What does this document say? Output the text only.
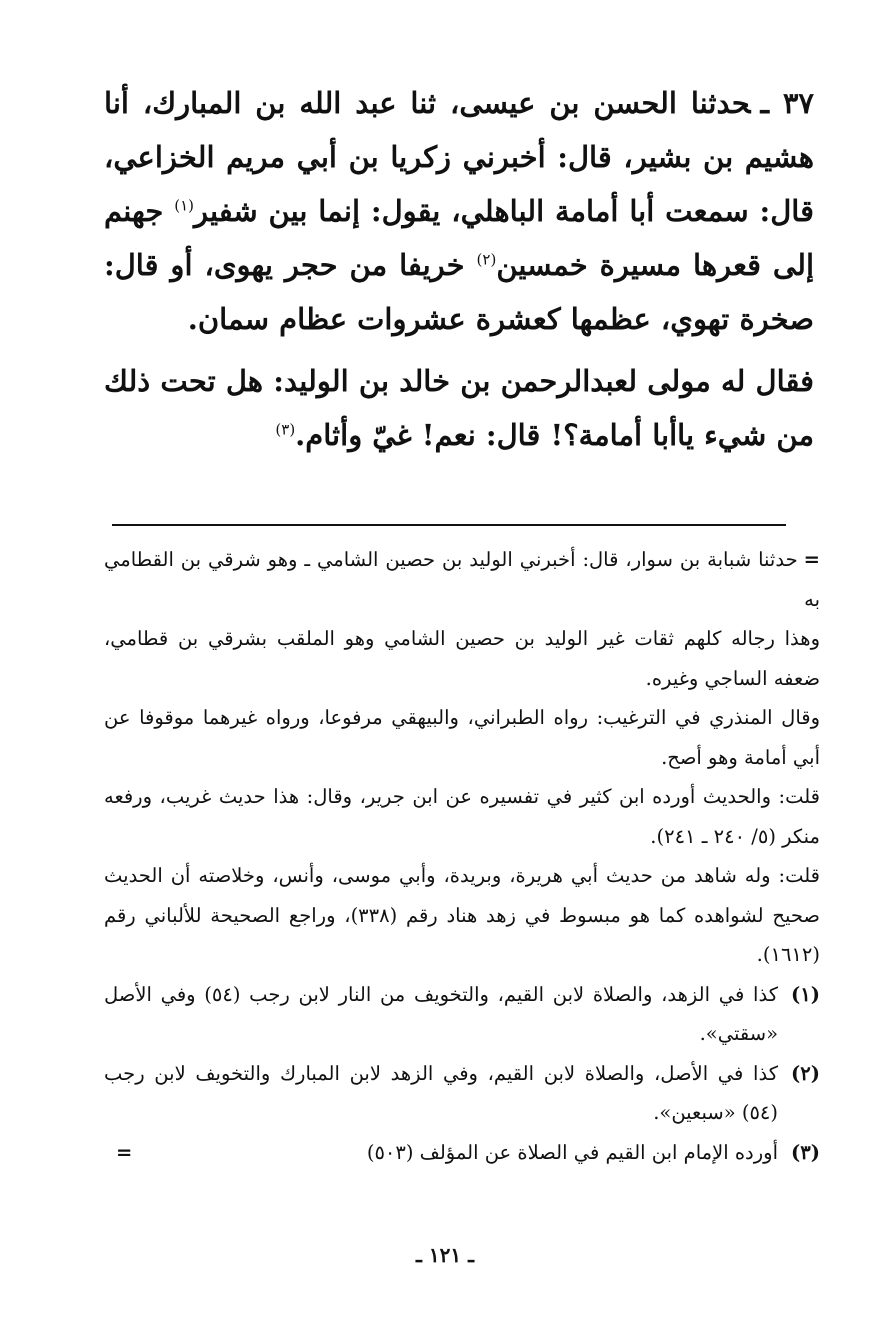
٣٧ ـحدثنا الحسن بن عيسى، ثنا عبد الله بن المبارك، أنا هشيم بن بشير، قال: أخبرني زكريا بن أبي مريم الخزاعي، قال: سمعت أبا أمامة الباهلي، يقول: إنما بين شفير$^{(١)}$ جهنم إلى قعرها مسيرة خمسين$^{(٢)}$ خريفا من حجر يهوى، أو قال: صخرة تهوي، عظمها كعشرة عشروات عظام سمان.

فقال له مولى لعبدالرحمن بن خالد بن الوليد: هل تحت ذلك من شيء ياأبا أمامة؟! قال: نعم! غيّ وأثام.$^{(٣)}$

=حدثنا شبابة بن سوار، قال: أخبرني الوليد بن حصين الشامي ـ وهو شرقي بن القطامي به

وهذا رجاله كلهم ثقات غير الوليد بن حصين الشامي وهو الملقب بشرقي بن قطامي، ضعفه الساجي وغيره.

وقال المنذري في الترغيب: رواه الطبراني، والبيهقي مرفوعا، ورواه غيرهما موقوفا عن أبي أمامة وهو أصح.

قلت: والحديث أورده ابن كثير في تفسيره عن ابن جرير، وقال: هذا حديث غريب، ورفعه منكر (٥/ ٢٤٠ ـ ٢٤١).

قلت: وله شاهد من حديث أبي هريرة، وبريدة، وأبي موسى، وأنس، وخلاصته أن الحديث صحيح لشواهده كما هو مبسوط في زهد هناد رقم (٣٣٨)، وراجع الصحيحة للألباني رقم (١٦١٢).

(١)
كذا في الزهد، والصلاة لابن القيم، والتخويف من النار لابن رجب (٥٤) وفي الأصل «سقتي».
(٢)
كذا في الأصل، والصلاة لابن القيم، وفي الزهد لابن المبارك والتخويف لابن رجب (٥٤) «سبعين».
(٣)
أورده الإمام ابن القيم في الصلاة عن المؤلف (٥٠٣)
=
ـ ١٢١ ـ
